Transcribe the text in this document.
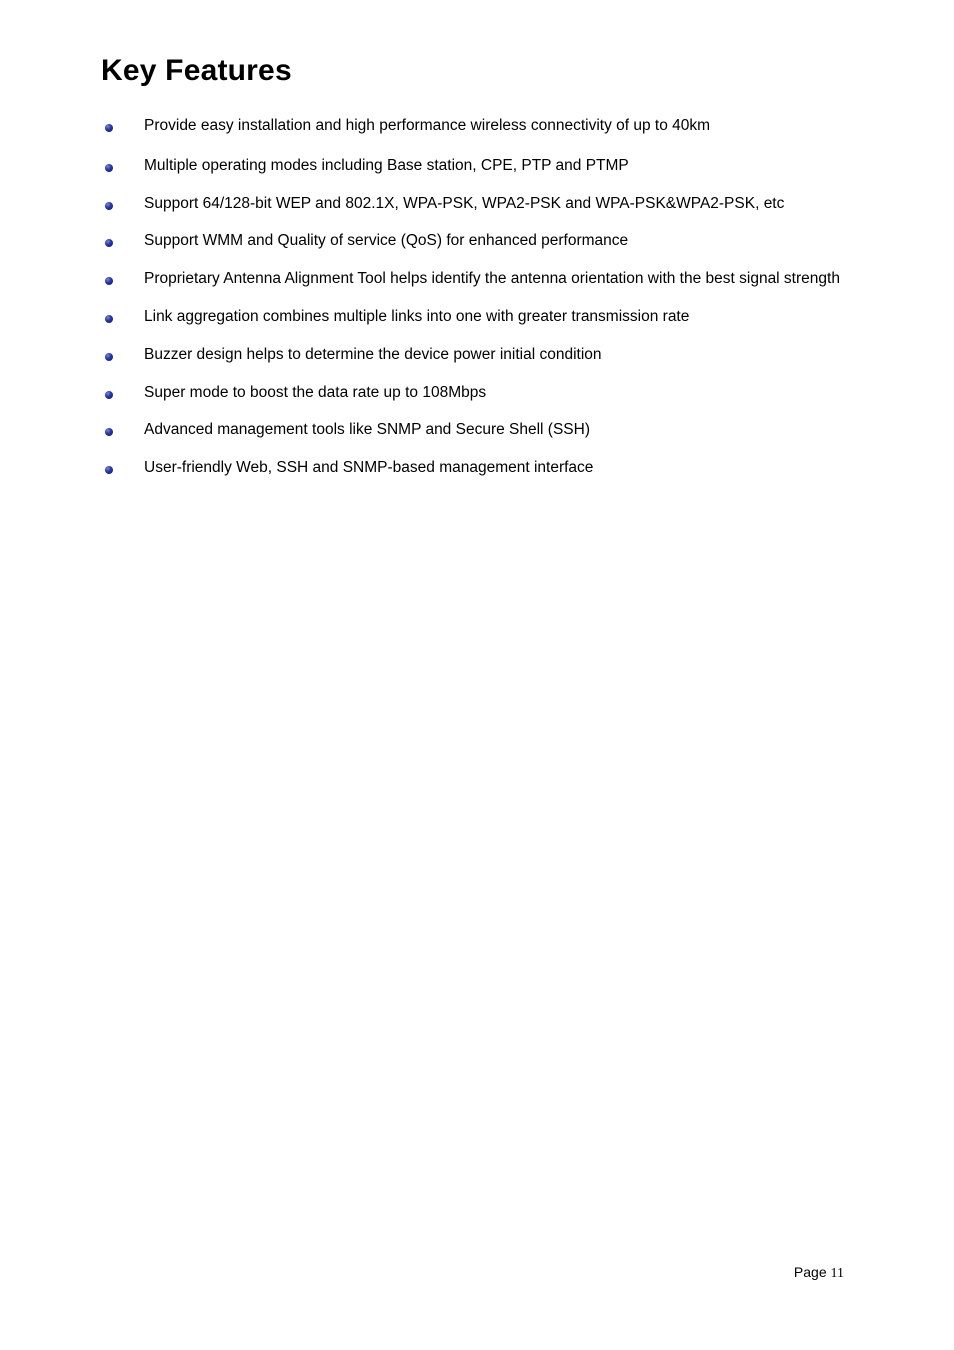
Key Features
Provide easy installation and high performance wireless connectivity of up to 40km
Multiple operating modes including Base station, CPE, PTP and PTMP
Support 64/128-bit WEP and 802.1X, WPA-PSK, WPA2-PSK and WPA-PSK&WPA2-PSK, etc
Support WMM and Quality of service (QoS) for enhanced performance
Proprietary Antenna Alignment Tool helps identify the antenna orientation with the best signal strength
Link aggregation combines multiple links into one with greater transmission rate
Buzzer design helps to determine the device power initial condition
Super mode to boost the data rate up to 108Mbps
Advanced management tools like SNMP and Secure Shell (SSH)
User-friendly Web, SSH and SNMP-based management interface
Page 11
